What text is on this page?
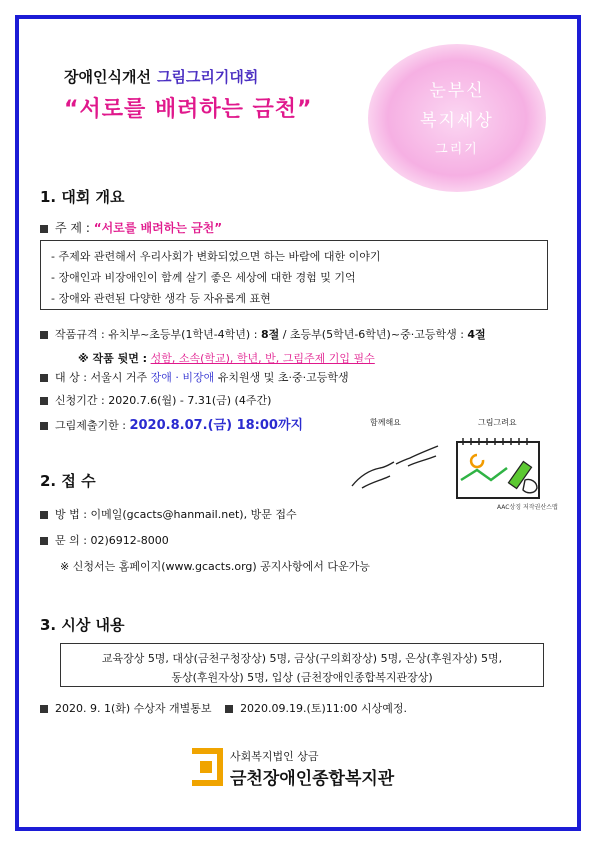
장애인식개선 그림그리기대회
“서로를 배려하는 금천”
눈부신
복지세상
그리기
1. 대회 개요
주 제 : “서로를 배려하는 금천”
- 주제와 관련해서 우리사회가 변화되었으면 하는 바람에 대한 이야기
- 장애인과 비장애인이 함께 살기 좋은 세상에 대한 경험 및 기억
- 장애와 관련된 다양한 생각 등 자유롭게 표현
작품규격 : 유치부~초등부(1학년-4학년) : 8절 / 초등부(5학년-6학년)~중·고등학생 : 4절
※ 작품 뒷면 : 성함, 소속(학교), 학년, 반, 그림주제 기입 필수
대 상 : 서울시 거주 장애 · 비장애 유치원생 및 초·중·고등학생
신청기간 : 2020.7.6(월) - 7.31(금) (4주간)
그림제출기한 : 2020.8.07.(금) 18:00까지	함께해요	그림그려요
AAC상징 저작권산스맵
2. 접 수
방 법 : 이메일(gcacts@hanmail.net), 방문 접수
문 의 : 02)6912-8000
※ 신청서는 홈페이지(www.gcacts.org) 공지사항에서 다운가능
3. 시상 내용
교육장상 5명, 대상(금천구청장상) 5명, 금상(구의회장상) 5명, 은상(후원자상) 5명,
동상(후원자상) 5명, 입상 (금천장애인종합복지관장상)
2020. 9. 1(화) 수상자 개별통보	2020.09.19.(토)11:00 시상예정.
사회복지법인 상금
금천장애인종합복지관
